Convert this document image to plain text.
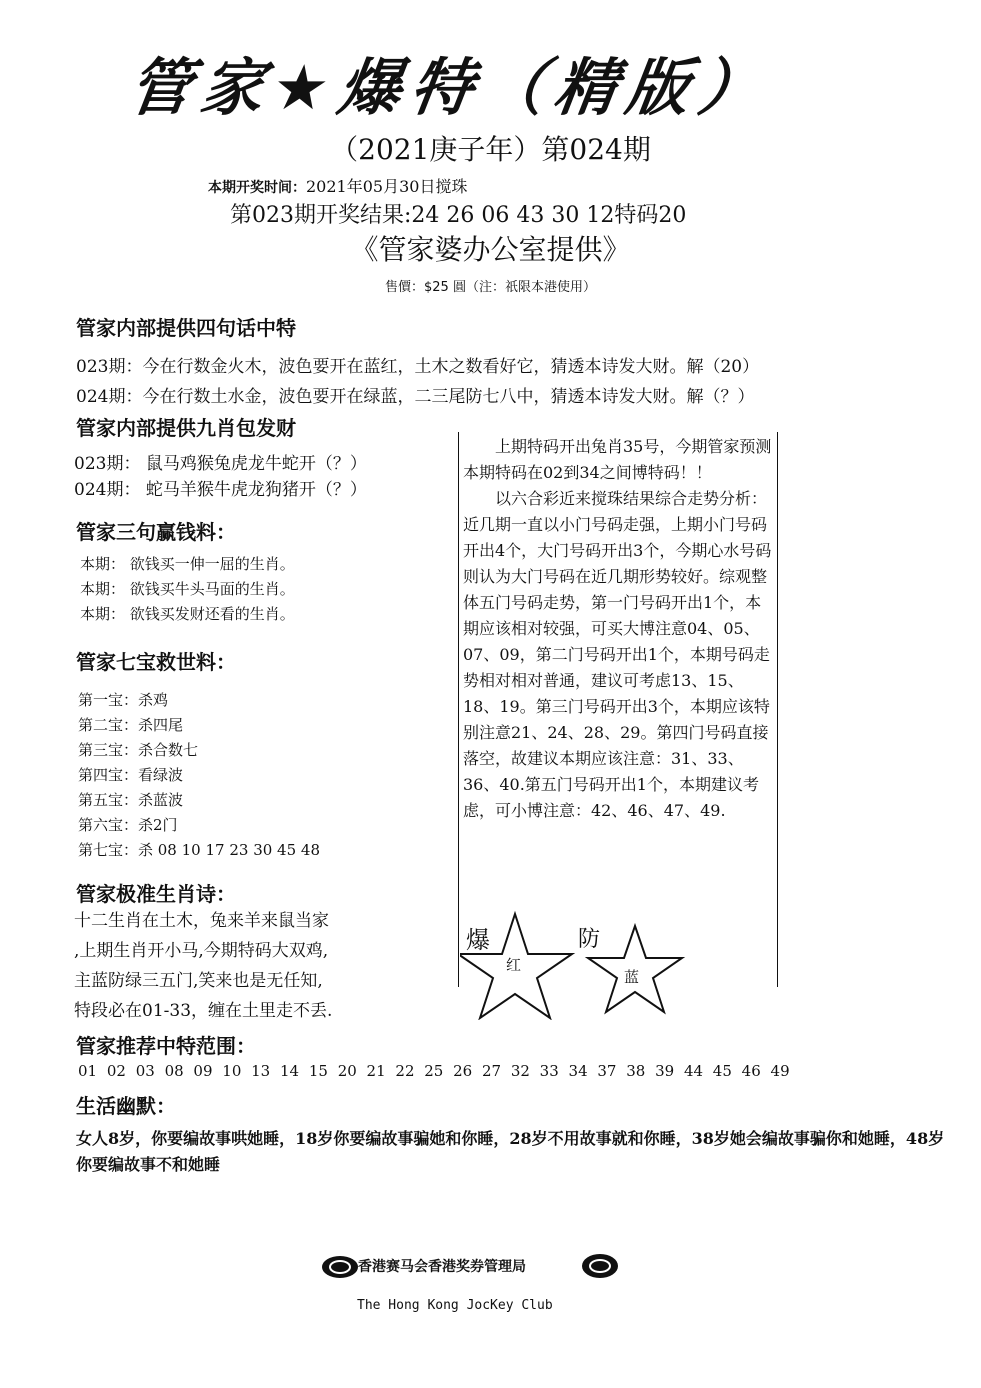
管家★爆特（精版）
（2021庚子年）第024期
本期开奖时间：2021年05月30日搅珠
第023期开奖结果:24 26 06 43 30 12特码20
《管家婆办公室提供》
售價：$25 圓（注：祇限本港使用）
管家内部提供四句话中特
023期：今在行数金火木，波色要开在蓝红，土木之数看好它，猜透本诗发大财。解（20）
024期：今在行数土水金，波色要开在绿蓝，二三尾防七八中，猜透本诗发大财。解（？）
管家内部提供九肖包发财
023期： 鼠马鸡猴兔虎龙牛蛇开（？）
024期： 蛇马羊猴牛虎龙狗猪开（？）
管家三句赢钱料：
本期： 欲钱买一伸一屈的生肖。
本期： 欲钱买牛头马面的生肖。
本期： 欲钱买发财还看的生肖。
管家七宝救世料：
第一宝：杀鸡
第二宝：杀四尾
第三宝：杀合数七
第四宝：看绿波
第五宝：杀蓝波
第六宝：杀2门
第七宝：杀 08 10 17 23 30 45 48
管家极准生肖诗：
十二生肖在土木，兔来羊来鼠当家
,上期生肖开小马,今期特码大双鸡,
主蓝防绿三五门,笑来也是无任知,
特段必在01-33，缠在土里走不丢.

上期特码开出兔肖35号，今期管家预测本期特码在02到34之间博特码！！

以六合彩近来搅珠结果综合走势分析：近几期一直以小门号码走强，上期小门号码开出4个，大门号码开出3个，今期心水号码则认为大门号码在近几期形势较好。综观整体五门号码走势，第一门号码开出1个，本期应该相对较强，可买大博注意04、05、07、09，第二门号码开出1个，本期号码走势相对相对普通，建议可考虑13、15、18、19。第三门号码开出3个，本期应该特别注意21、24、28、29。第四门号码直接落空，故建议本期应该注意：31、33、36、40.第五门号码开出1个，本期建议考虑，可小博注意：42、46、47、49.

爆
红
防
蓝
管家推荐中特范围：
01 02 03 08 09 10 13 14 15 20 21 22 25 26 27 32 33 34 37 38 39 44 45 46 49
生活幽默：
女人8岁，你要编故事哄她睡，18岁你要编故事骗她和你睡，28岁不用故事就和你睡，38岁她会编故事骗你和她睡，48岁你要编故事不和她睡
香港赛马会香港奖券管理局
The Hong Kong JocKey Club
